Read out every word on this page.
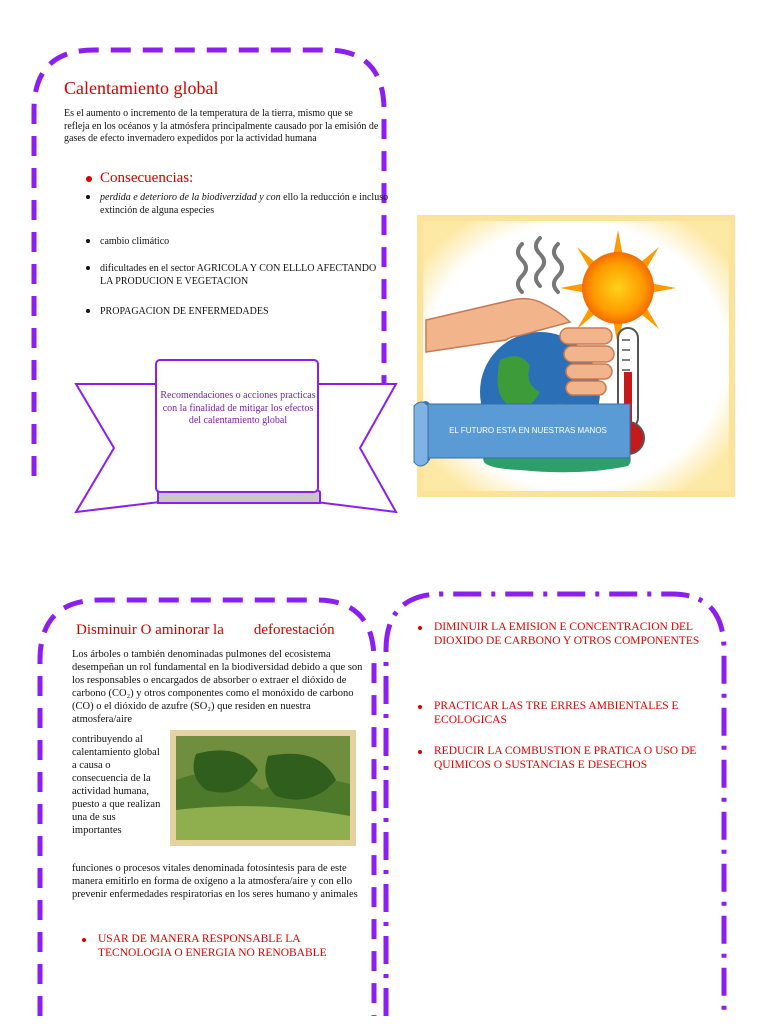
Calentamiento global
Es el aumento o incremento de la temperatura de la tierra, mismo que se refleja en los océanos y la atmósfera principalmente causado por la emisión de gases de efecto invernadero expedidos por la actividad humana
Consecuencias:
perdida e deterioro de la biodiverzidad y con ello la reducción e incluso extinción de alguna especies
cambio climático
dificultades en el sector AGRICOLA Y CON ELLLO AFECTANDO LA PRODUCION E VEGETACION
PROPAGACION DE ENFERMEDADES
Recomendaciones o acciones practicas con la finalidad de mitigar los efectos del calentamiento global
EL FUTURO ESTA EN NUESTRAS MANOS
Disminuir O aminorar la        deforestación
Los árboles o también denominadas pulmones del ecosistema desempeñan un rol fundamental en la biodiversidad debido a que son los responsables o encargados de absorber o extraer el dióxido de carbono (CO₂) y otros componentes como el monóxido de carbono (CO) o el dióxido de azufre (SO₂) que residen en nuestra atmosfera/aire
contribuyendo al calentamiento global a causa o consecuencia de la actividad humana, puesto a que realizan una de sus importantes
funciones o procesos vitales denominada fotosíntesis para de este manera emitirlo en forma de oxígeno a la atmosfera/aire y con ello prevenir enfermedades respiratorias en los seres humano y animales
USAR DE MANERA RESPONSABLE LA TECNOLOGIA O ENERGIA NO RENOBABLE
DIMINUIR LA EMISION E CONCENTRACION DEL DIOXIDO DE CARBONO Y OTROS COMPONENTES
PRACTICAR LAS TRE ERRES AMBIENTALES E ECOLOGICAS
REDUCIR LA COMBUSTION E PRATICA O USO DE QUIMICOS O SUSTANCIAS E DESECHOS
